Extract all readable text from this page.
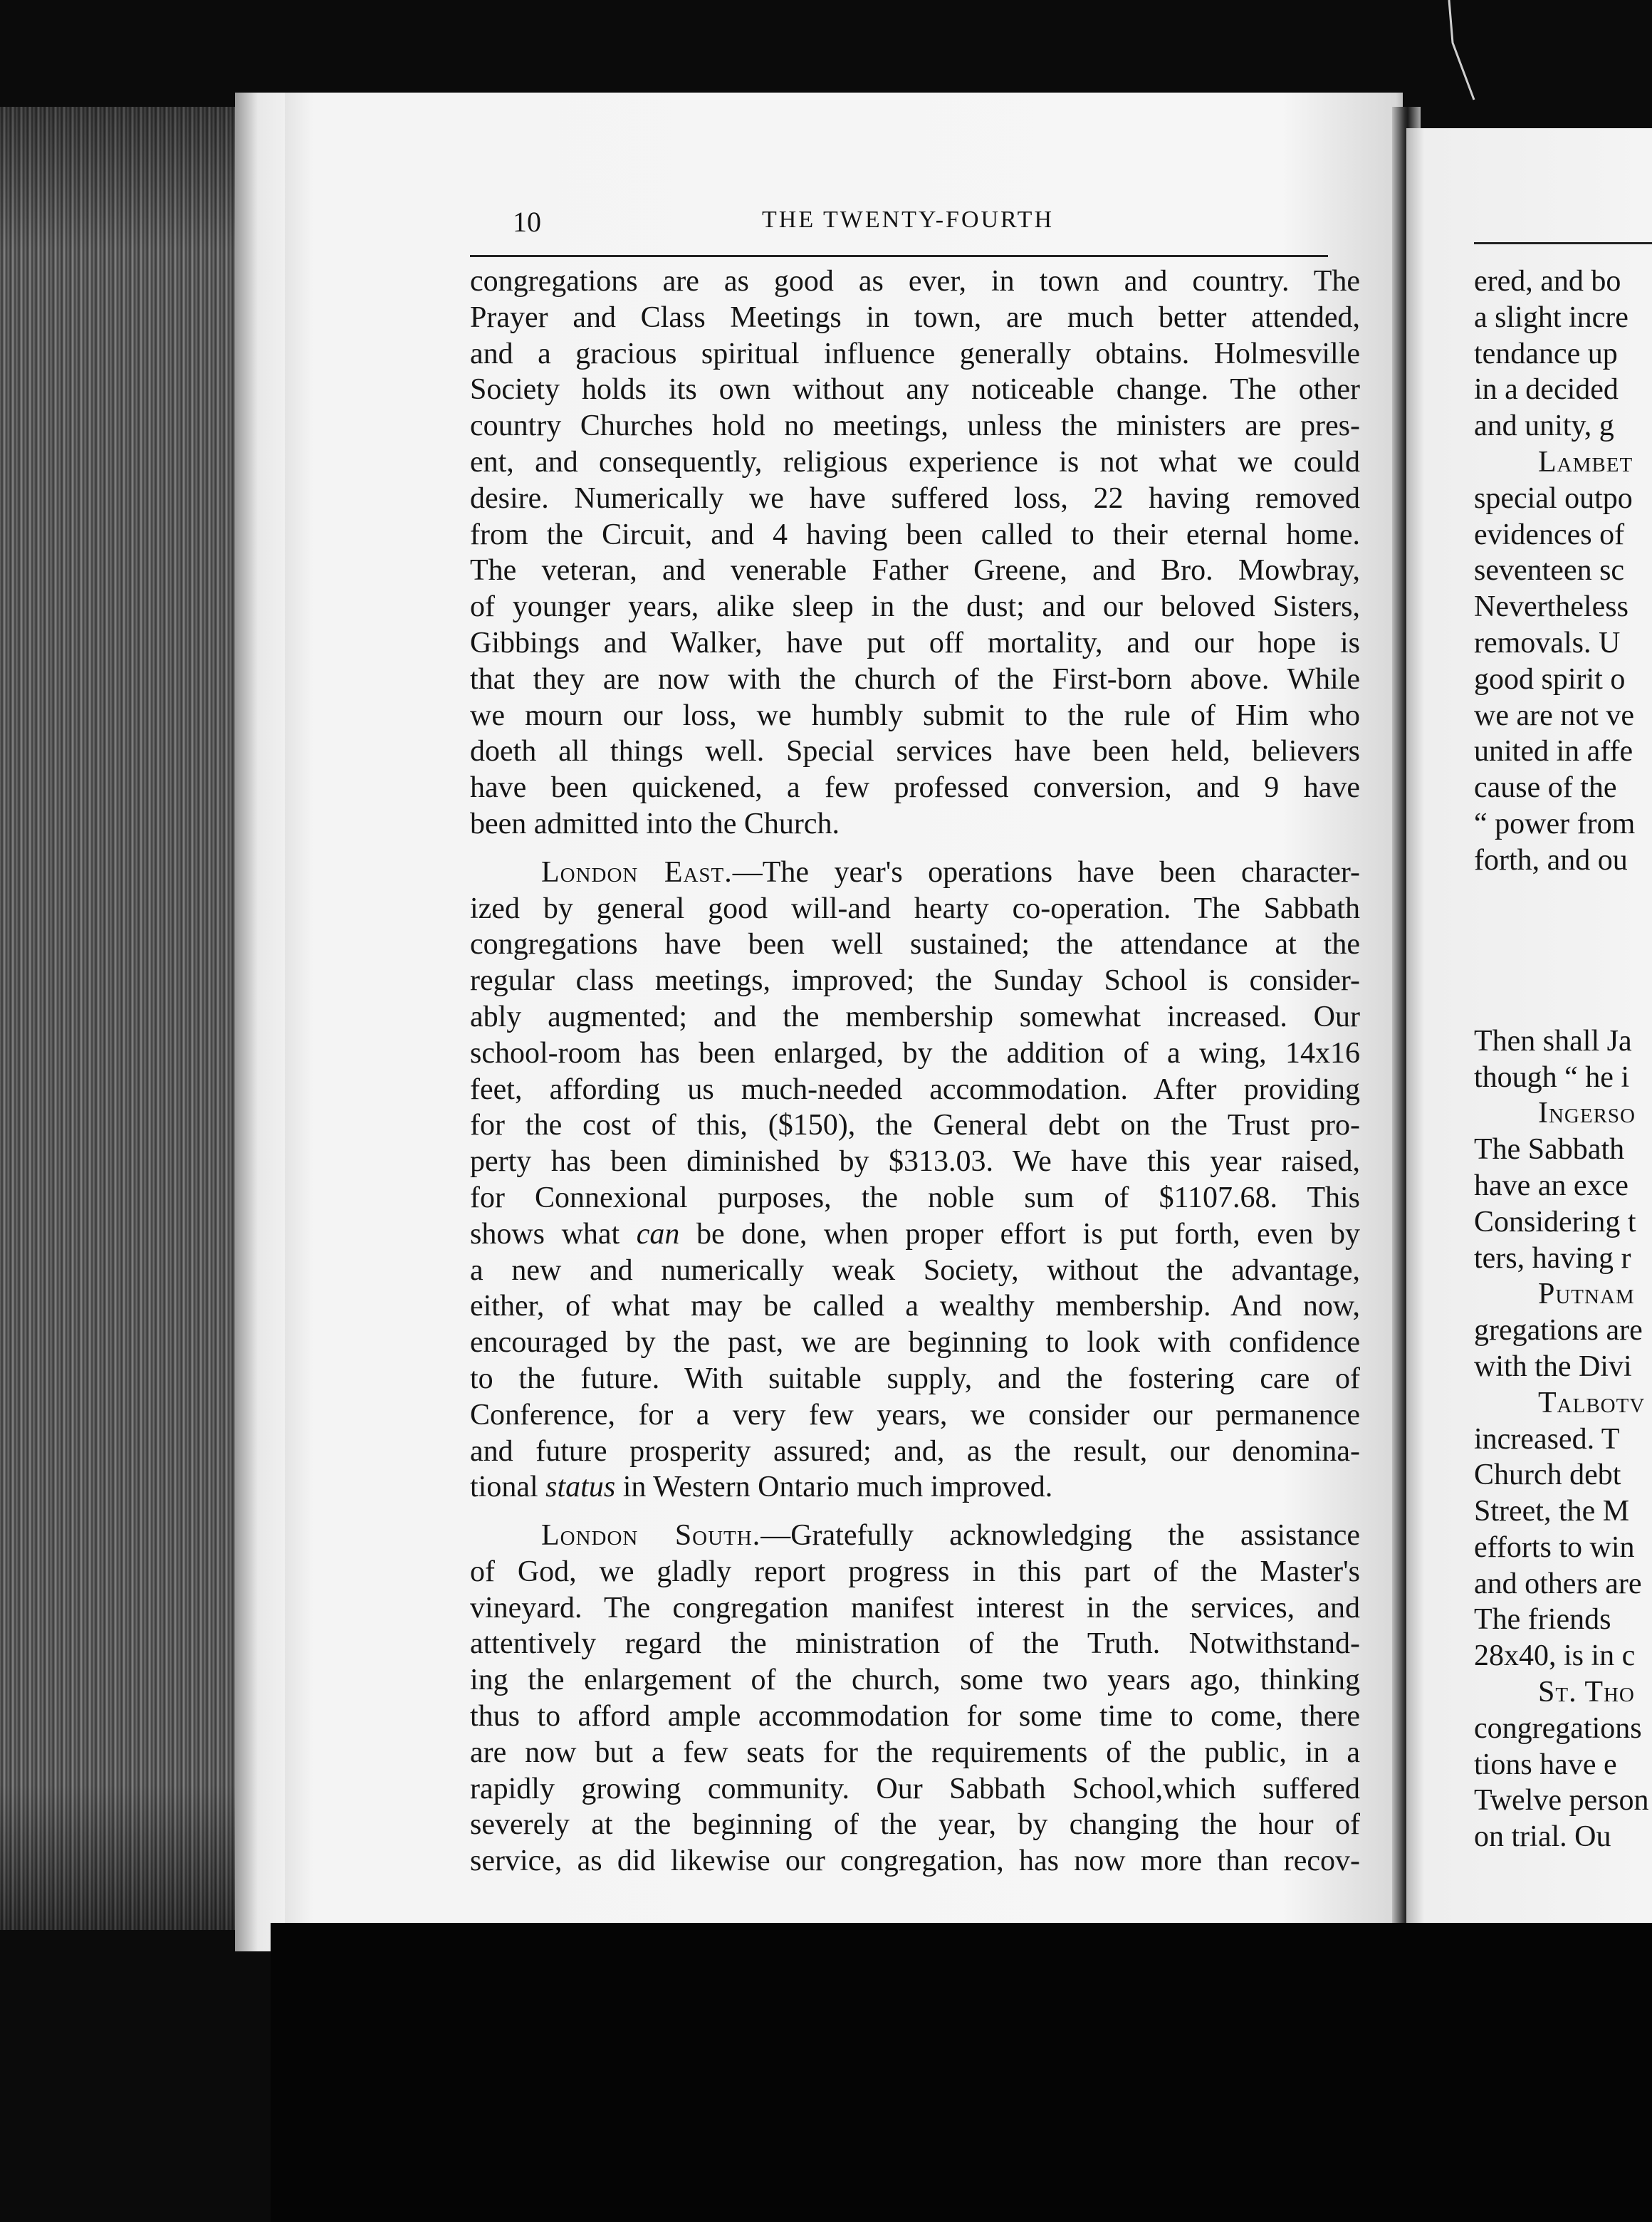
10	THE TWENTY-FOURTH
congregations are as good as ever, in town and country. The
Prayer and Class Meetings in town, are much better attended,
and a gracious spiritual influence generally obtains. Holmesville
Society holds its own without any noticeable change. The other
country Churches hold no meetings, unless the ministers are pres-
ent, and consequently, religious experience is not what we could
desire. Numerically we have suffered loss, 22 having removed
from the Circuit, and 4 having been called to their eternal home.
The veteran, and venerable Father Greene, and Bro. Mowbray,
of younger years, alike sleep in the dust; and our beloved Sisters,
Gibbings and Walker, have put off mortality, and our hope is
that they are now with the church of the First-born above. While
we mourn our loss, we humbly submit to the rule of Him who
doeth all things well. Special services have been held, believers
have been quickened, a few professed conversion, and 9 have
been admitted into the Church.
London East.—The year's operations have been character-
ized by general good will-and hearty co-operation. The Sabbath
congregations have been well sustained; the attendance at the
regular class meetings, improved; the Sunday School is consider-
ably augmented; and the membership somewhat increased. Our
school-room has been enlarged, by the addition of a wing, 14x16
feet, affording us much-needed accommodation. After providing
for the cost of this, ($150), the General debt on the Trust pro-
perty has been diminished by $313.03. We have this year raised,
for Connexional purposes, the noble sum of $1107.68. This
shows what can be done, when proper effort is put forth, even by
a new and numerically weak Society, without the advantage,
either, of what may be called a wealthy membership. And now,
encouraged by the past, we are beginning to look with confidence
to the future. With suitable supply, and the fostering care of
Conference, for a very few years, we consider our permanence
and future prosperity assured; and, as the result, our denomina-
tional status in Western Ontario much improved.
London South.—Gratefully acknowledging the assistance
of God, we gladly report progress in this part of the Master's
vineyard. The congregation manifest interest in the services, and
attentively regard the ministration of the Truth. Notwithstand-
ing the enlargement of the church, some two years ago, thinking
thus to afford ample accommodation for some time to come, there
are now but a few seats for the requirements of the public, in a
rapidly growing community. Our Sabbath School,which suffered
severely at the beginning of the year, by changing the hour of
service, as did likewise our congregation, has now more than recov-
ered, and bo
a slight incre
tendance up
in a decided
and unity, g
Lambet
special outpo
evidences of
seventeen sc
Nevertheless
removals. U
good spirit o
we are not ve
united in affe
cause of the
“ power from
forth, and ou
Then shall Ja
though “ he i
Ingerso
The Sabbath
have an exce
Considering t
ters, having r
Putnam
gregations are
with the Divi
Talbotv
increased. T
Church debt
Street, the M
efforts to win
and others are
The friends
28x40, is in c
St. Tho
congregations
tions have e
Twelve person
on trial. Ou
